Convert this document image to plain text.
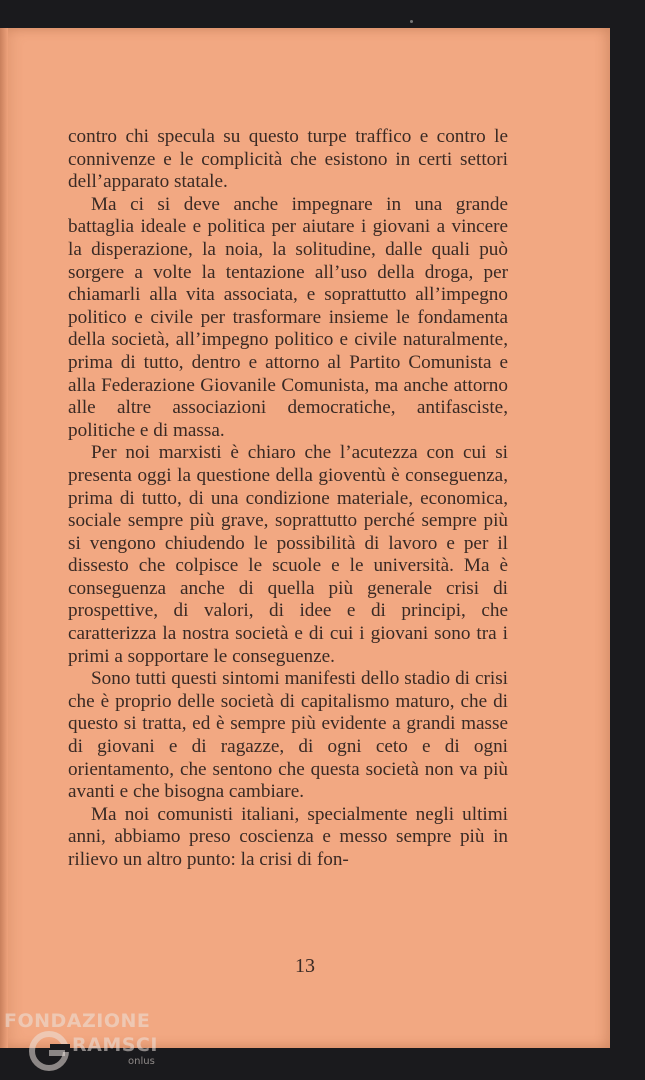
contro chi specula su questo turpe traffico e contro le connivenze e le complicità che esistono in certi settori dell’apparato statale.

Ma ci si deve anche impegnare in una grande battaglia ideale e politica per aiutare i giovani a vincere la disperazione, la noia, la solitudine, dalle quali può sorgere a volte la tentazione all’uso della droga, per chiamarli alla vita associata, e soprattutto all’impegno politico e civile per trasformare insieme le fondamenta della società, all’impegno politico e civile naturalmente, prima di tutto, dentro e attorno al Partito Comunista e alla Federazione Giovanile Comunista, ma anche attorno alle altre associazioni democratiche, antifasciste, politiche e di massa.

Per noi marxisti è chiaro che l’acutezza con cui si presenta oggi la questione della gioventù è conseguenza, prima di tutto, di una condizione materiale, economica, sociale sempre più grave, soprattutto perché sempre più si vengono chiudendo le possibilità di lavoro e per il dissesto che colpisce le scuole e le università. Ma è conseguenza anche di quella più generale crisi di prospettive, di valori, di idee e di principi, che caratterizza la nostra società e di cui i giovani sono tra i primi a sopportare le conseguenze.

Sono tutti questi sintomi manifesti dello stadio di crisi che è proprio delle società di capitalismo maturo, che di questo si tratta, ed è sempre più evidente a grandi masse di giovani e di ragazze, di ogni ceto e di ogni orientamento, che sentono che questa società non va più avanti e che bisogna cambiare.

Ma noi comunisti italiani, specialmente negli ultimi anni, abbiamo preso coscienza e messo sempre più in rilievo un altro punto: la crisi di fon-

13
FONDAZIONE
RAMSCI
onlus
